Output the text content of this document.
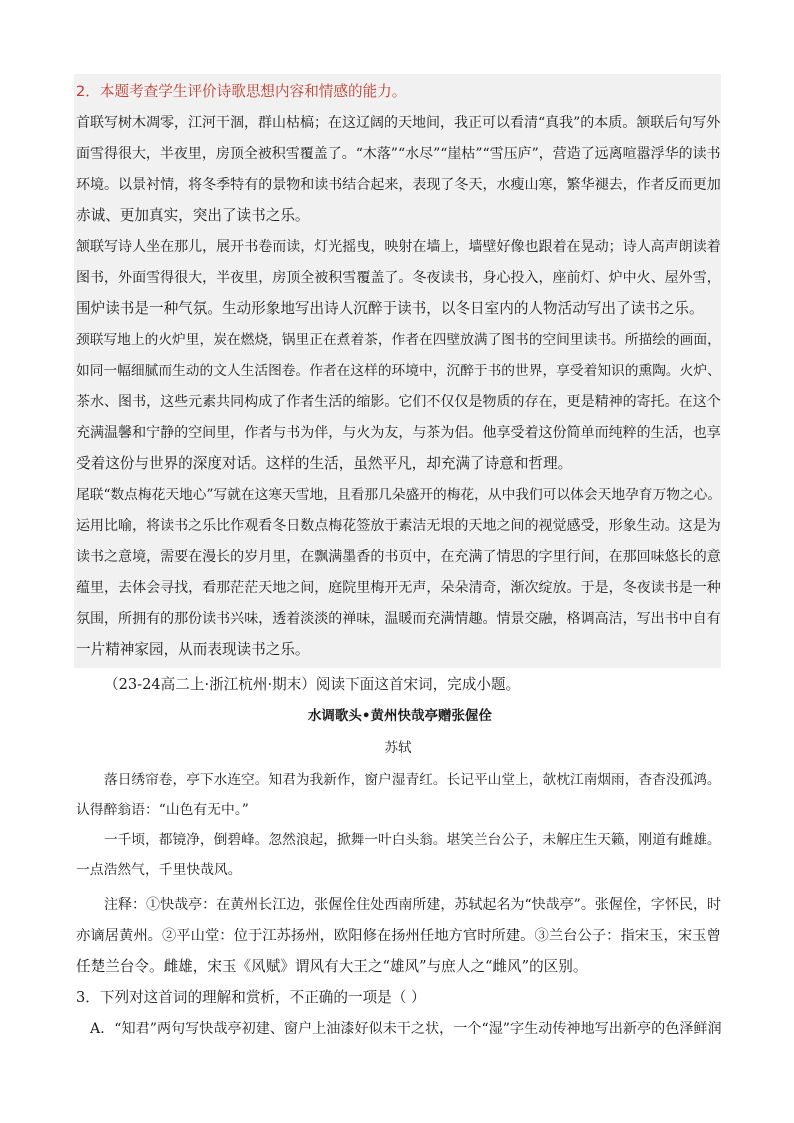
2．本题考查学生评价诗歌思想内容和情感的能力。
首联写树木凋零，江河干涸，群山枯槁；在这辽阔的天地间，我正可以看清“真我”的本质。颔联后句写外
面雪得很大，半夜里，房顶全被积雪覆盖了。“木落”“水尽”“崖枯”“雪压庐”，营造了远离喧嚣浮华的读书
环境。以景衬情，将冬季特有的景物和读书结合起来，表现了冬天，水瘦山寒，繁华褪去，作者反而更加
赤诚、更加真实，突出了读书之乐。
颔联写诗人坐在那儿，展开书卷而读，灯光摇曳，映射在墙上，墙壁好像也跟着在晃动；诗人高声朗读着
图书，外面雪得很大，半夜里，房顶全被积雪覆盖了。冬夜读书，身心投入，座前灯、炉中火、屋外雪，
围炉读书是一种气氛。生动形象地写出诗人沉醉于读书，以冬日室内的人物活动写出了读书之乐。
颈联写地上的火炉里，炭在燃烧，锅里正在煮着茶，作者在四壁放满了图书的空间里读书。所描绘的画面，
如同一幅细腻而生动的文人生活图卷。作者在这样的环境中，沉醉于书的世界，享受着知识的熏陶。火炉、
茶水、图书，这些元素共同构成了作者生活的缩影。它们不仅仅是物质的存在，更是精神的寄托。在这个
充满温馨和宁静的空间里，作者与书为伴，与火为友，与茶为侣。他享受着这份简单而纯粹的生活，也享
受着这份与世界的深度对话。这样的生活，虽然平凡，却充满了诗意和哲理。
尾联“数点梅花天地心”写就在这寒天雪地，且看那几朵盛开的梅花，从中我们可以体会天地孕育万物之心。
运用比喻，将读书之乐比作观看冬日数点梅花签放于素洁无垠的天地之间的视觉感受，形象生动。这是为
读书之意境，需要在漫长的岁月里，在飘满墨香的书页中，在充满了情思的字里行间，在那回味悠长的意
蕴里，去体会寻找，看那茫茫天地之间，庭院里梅开无声，朵朵清奇，渐次绽放。于是，冬夜读书是一种
氛围，所拥有的那份读书兴味，透着淡淡的禅味，温暖而充满情趣。情景交融，格调高洁，写出书中自有
一片精神家园，从而表现读书之乐。
（23-24高二上·浙江杭州·期末）阅读下面这首宋词，完成小题。
水调歌头•黄州快哉亭赠张偓佺
苏轼
落日绣帘卷，亭下水连空。知君为我新作，窗户湿青红。长记平山堂上，欹枕江南烟雨，杳杳没孤鸿。
认得醉翁语：“山色有无中。”
一千顷，都镜净，倒碧峰。忽然浪起，掀舞一叶白头翁。堪笑兰台公子，未解庄生天籁，刚道有雌雄。
一点浩然气，千里快哉风。
注释：①快哉亭：在黄州长江边，张偓佺住处西南所建，苏轼起名为“快哉亭”。张偓佺，字怀民，时
亦谪居黄州。②平山堂：位于江苏扬州，欧阳修在扬州任地方官时所建。③兰台公子：指宋玉，宋玉曾
任楚兰台令。雌雄，宋玉《风赋》谓风有大王之“雄风”与庶人之“雌风”的区别。
3．下列对这首词的理解和赏析，不正确的一项是（ ）
A．“知君”两句写快哉亭初建、窗户上油漆好似未干之状，一个“湿”字生动传神地写出新亭的色泽鲜润
